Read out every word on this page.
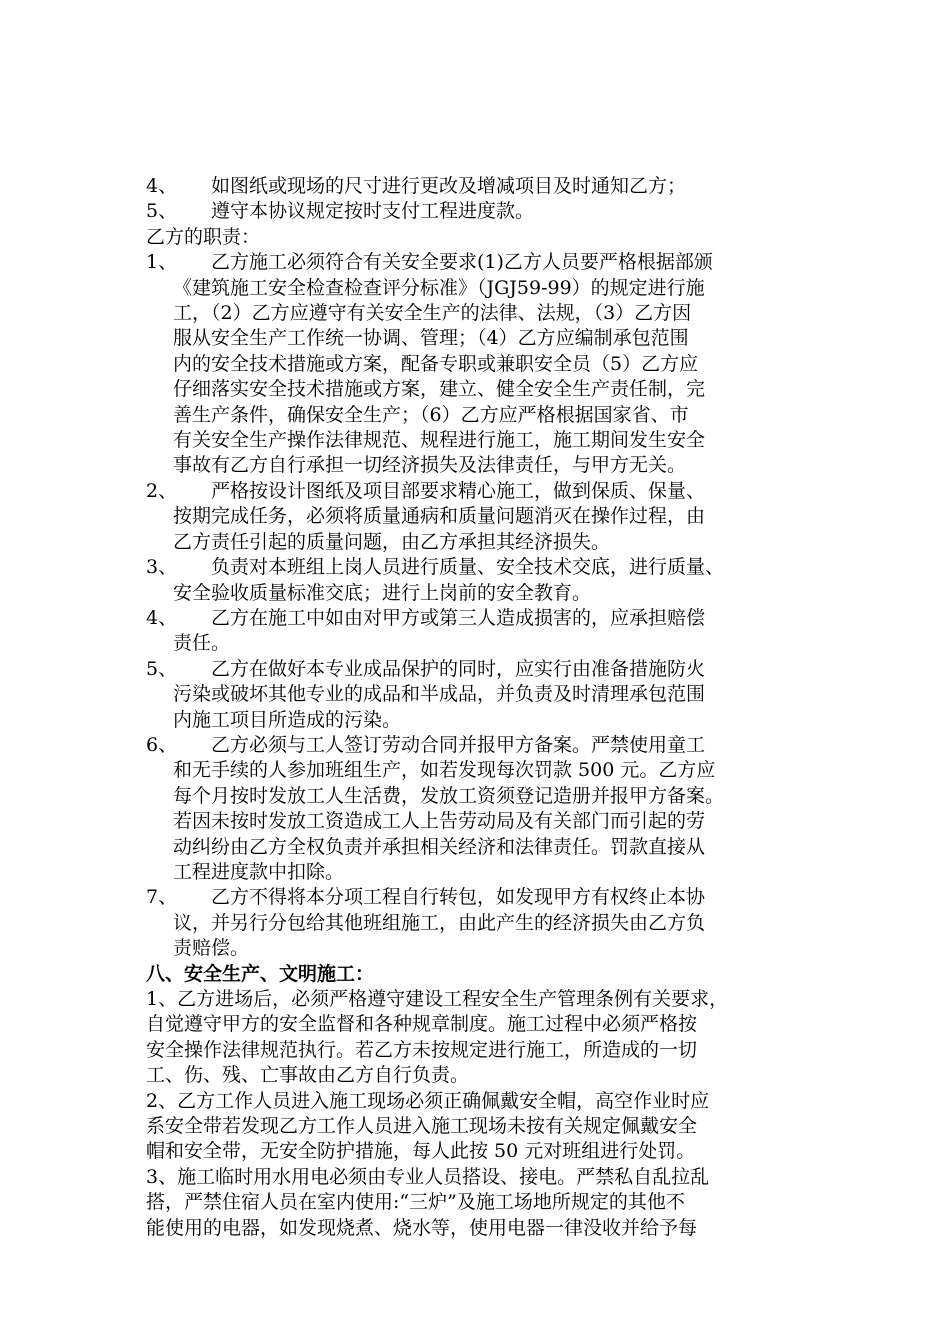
4、	如图纸或现场的尺寸进行更改及增减项目及时通知乙方；
5、	遵守本协议规定按时支付工程进度款。
乙方的职责：
1、	乙方施工必须符合有关安全要求(1)乙方人员要严格根据部颁
《建筑施工安全检查检查评分标准》（JGJ59-99）的规定进行施
工，（2）乙方应遵守有关安全生产的法律、法规，（3）乙方因
服从安全生产工作统一协调、管理；（4）乙方应编制承包范围
内的安全技术措施或方案，配备专职或兼职安全员（5）乙方应
仔细落实安全技术措施或方案，建立、健全安全生产责任制，完
善生产条件，确保安全生产；（6）乙方应严格根据国家省、市
有关安全生产操作法律规范、规程进行施工，施工期间发生安全
事故有乙方自行承担一切经济损失及法律责任，与甲方无关。
2、	严格按设计图纸及项目部要求精心施工，做到保质、保量、
按期完成任务，必须将质量通病和质量问题消灭在操作过程，由
乙方责任引起的质量问题，由乙方承担其经济损失。
3、	负责对本班组上岗人员进行质量、安全技术交底，进行质量、
安全验收质量标准交底；进行上岗前的安全教育。
4、	乙方在施工中如由对甲方或第三人造成损害的，应承担赔偿
责任。
5、	乙方在做好本专业成品保护的同时，应实行由准备措施防火
污染或破坏其他专业的成品和半成品，并负责及时清理承包范围
内施工项目所造成的污染。
6、	乙方必须与工人签订劳动合同并报甲方备案。严禁使用童工
和无手续的人参加班组生产，如若发现每次罚款 500 元。乙方应
每个月按时发放工人生活费，发放工资须登记造册并报甲方备案。
若因未按时发放工资造成工人上告劳动局及有关部门而引起的劳
动纠纷由乙方全权负责并承担相关经济和法律责任。罚款直接从
工程进度款中扣除。
7、	乙方不得将本分项工程自行转包，如发现甲方有权终止本协
议，并另行分包给其他班组施工，由此产生的经济损失由乙方负
责赔偿。
八、安全生产、文明施工：
1、乙方进场后，必须严格遵守建设工程安全生产管理条例有关要求，
自觉遵守甲方的安全监督和各种规章制度。施工过程中必须严格按
安全操作法律规范执行。若乙方未按规定进行施工，所造成的一切
工、伤、残、亡事故由乙方自行负责。
2、乙方工作人员进入施工现场必须正确佩戴安全帽，高空作业时应
系安全带若发现乙方工作人员进入施工现场未按有关规定佩戴安全
帽和安全带，无安全防护措施，每人此按 50 元对班组进行处罚。
3、施工临时用水用电必须由专业人员搭设、接电。严禁私自乱拉乱
搭，严禁住宿人员在室内使用:“三炉”及施工场地所规定的其他不
能使用的电器，如发现烧煮、烧水等，使用电器一律没收并给予每
